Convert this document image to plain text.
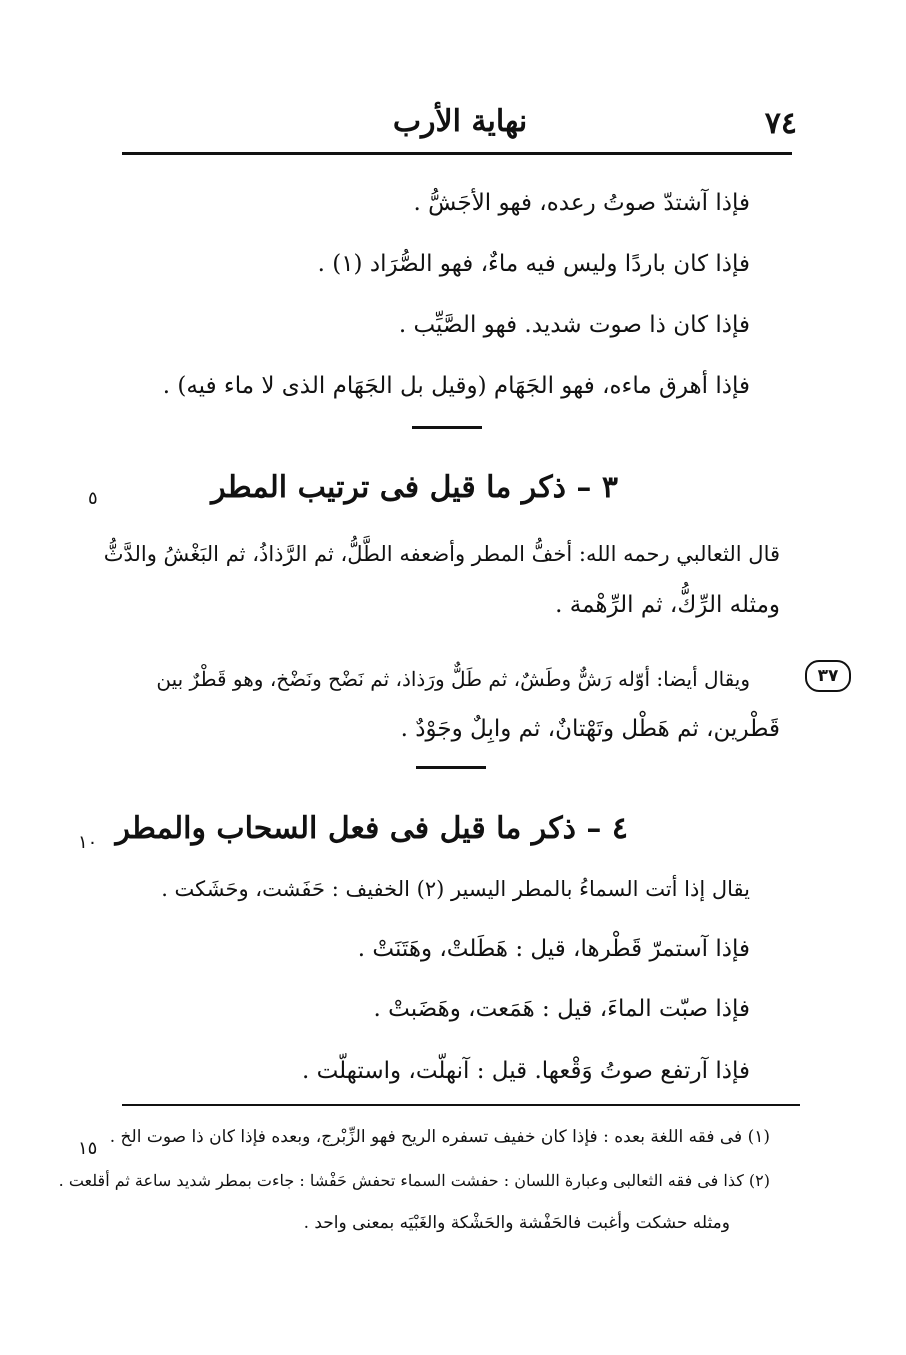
٧٤
نهاية الأرب
فإذا آشتدّ صوتُ رعده، فهو الأجَشُّ .
فإذا كان باردًا وليس فيه ماءٌ، فهو الصُّرَاد (١) .
فإذا كان ذا صوت شديد. فهو الصَّيِّب .
فإذا أهرق ماءه، فهو الجَهَام (وقيل بل الجَهَام الذى لا ماء فيه) .
٣ – ذكر ما قيل فى ترتيب المطر
٥
قال الثعالبي رحمه الله: أخفُّ المطر وأضعفه الطَّلُّ، ثم الرَّذاذُ، ثم البَغْشُ والدَّثُّ
ومثله الرِّكُّ، ثم الرِّهْمة .
٣٧
ويقال أيضا: أوّله رَشٌّ وطَشٌ، ثم طَلٌّ ورَذاذ، ثم نَضْح ونَضْخ، وهو قَطْرٌ بين
قَطْرين، ثم هَطْل وتَهْتانٌ، ثم وابِلٌ وجَوْدٌ .
٤ – ذكر ما قيل فى فعل السحاب والمطر
١٠
يقال إذا أتت السماءُ بالمطر اليسير (٢) الخفيف : حَفَشت، وحَشَكت .
فإذا آستمرّ قَطْرها، قيل : هَطَلتْ، وهَتَنَتْ .
فإذا صبّت الماءَ، قيل : هَمَعت، وهَضَبتْ .
فإذا آرتفع صوتُ وَقْعها. قيل : آنهلّت، واستهلّت .
١٥
(١) فى فقه اللغة بعده : فإذا كان خفيف تسفره الريح فهو الزِّبْرج، وبعده فإذا كان ذا صوت الخ .
(٢) كذا فى فقه الثعالبى وعبارة اللسان : حفشت السماء تحفش حَفْشا : جاءت بمطر شديد ساعة ثم أقلعت .
ومثله حشكت وأغبت فالحَفْشة والحَشْكة والغَبْيَه بمعنى واحد .
